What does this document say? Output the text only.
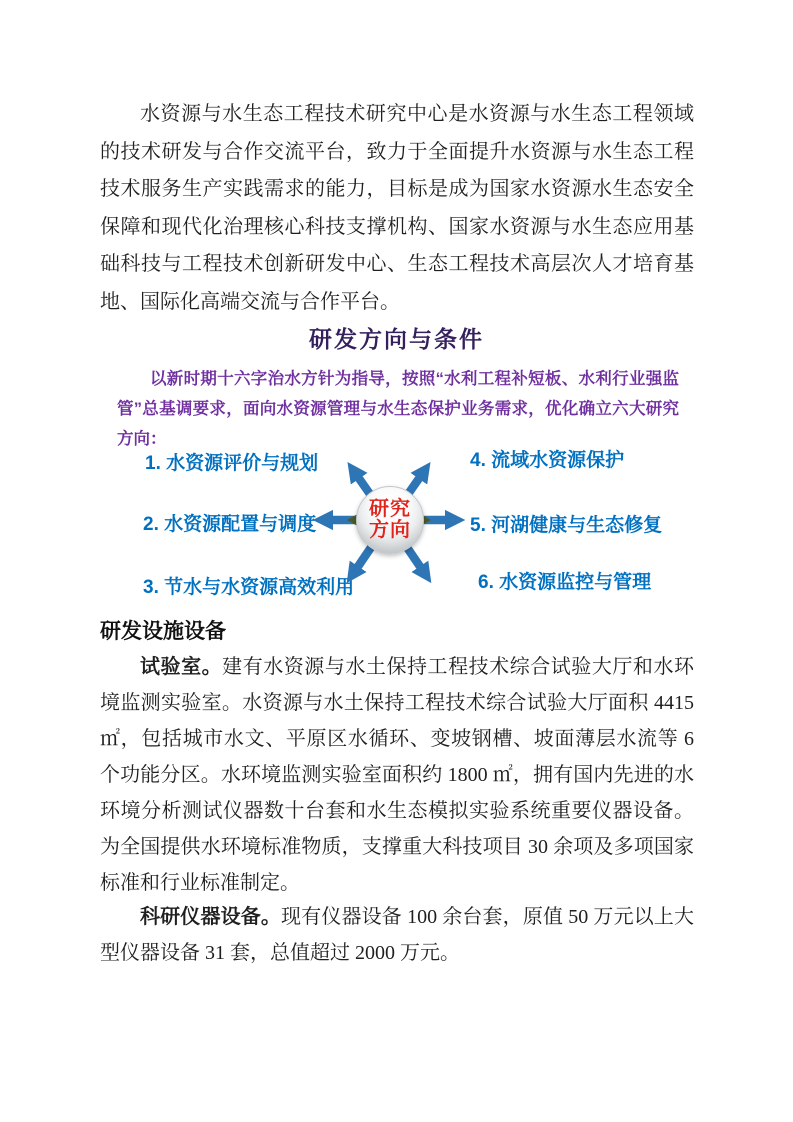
水资源与水生态工程技术研究中心是水资源与水生态工程领域的技术研发与合作交流平台，致力于全面提升水资源与水生态工程技术服务生产实践需求的能力，目标是成为国家水资源水生态安全保障和现代化治理核心科技支撑机构、国家水资源与水生态应用基础科技与工程技术创新研发中心、生态工程技术高层次人才培育基地、国际化高端交流与合作平台。

研发方向与条件

以新时期十六字治水方针为指导，按照“水利工程补短板、水利行业强监管”总基调要求，面向水资源管理与水生态保护业务需求，优化确立六大研究方向：

1. 水资源评价与规划

2. 水资源配置与调度

3. 节水与水资源高效利用

4. 流域水资源保护

5. 河湖健康与生态修复

6. 水资源监控与管理

研究
方向
研发设施设备

试验室。建有水资源与水土保持工程技术综合试验大厅和水环境监测实验室。水资源与水土保持工程技术综合试验大厅面积 4415 ㎡，包括城市水文、平原区水循环、变坡钢槽、坡面薄层水流等 6 个功能分区。水环境监测实验室面积约 1800 ㎡，拥有国内先进的水环境分析测试仪器数十台套和水生态模拟实验系统重要仪器设备。为全国提供水环境标准物质，支撑重大科技项目 30 余项及多项国家标准和行业标准制定。

科研仪器设备。现有仪器设备 100 余台套，原值 50 万元以上大型仪器设备 31 套，总值超过 2000 万元。
